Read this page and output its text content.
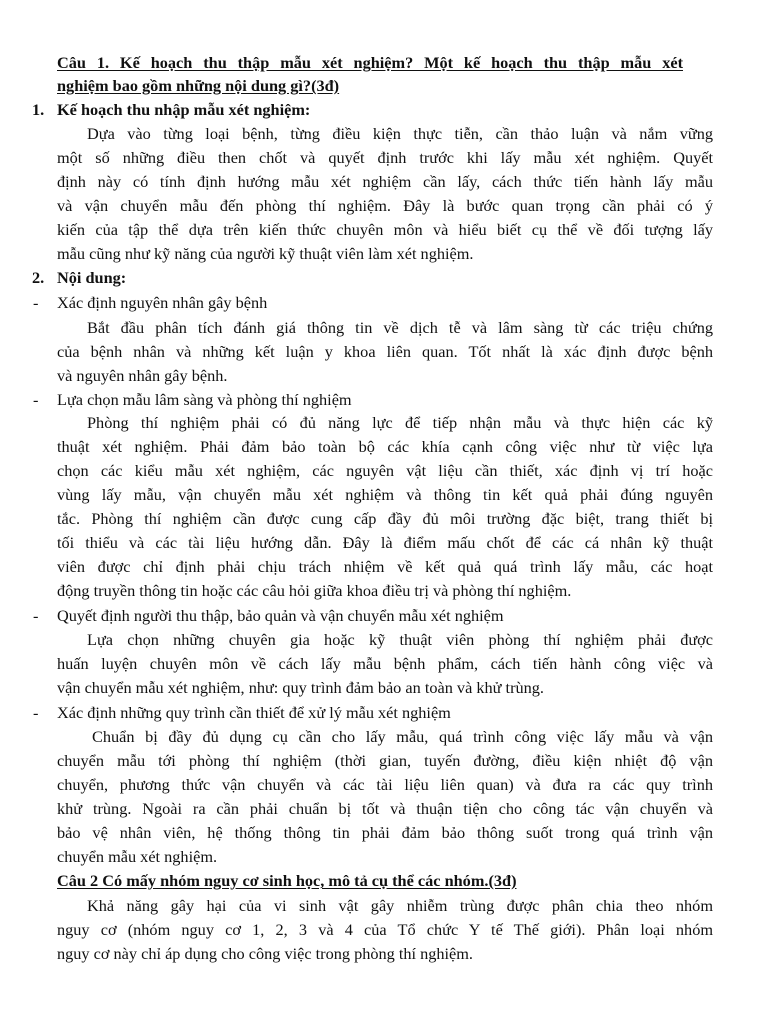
Câu 1. Kế hoạch thu thập mẫu xét nghiệm? Một kế hoạch thu thập mẫu xét
nghiệm bao gồm những nội dung gì?(3đ)
1. Kế hoạch thu nhập mẫu xét nghiệm:
Dựa vào từng loại bệnh, từng điều kiện thực tiễn, cần thảo luận và nắm vững
một số những điều then chốt và quyết định trước khi lấy mẫu xét nghiệm. Quyết
định này có tính định hướng mẫu xét nghiệm cần lấy, cách thức tiến hành lấy mẫu
và vận chuyển mẫu đến phòng thí nghiệm. Đây là bước quan trọng cần phải có ý
kiến của tập thể dựa trên kiến thức chuyên môn và hiểu biết cụ thể về đối tượng lấy
mẫu cũng như kỹ năng của người kỹ thuật viên làm xét nghiệm.
2. Nội dung:
- Xác định nguyên nhân gây bệnh
Bắt đầu phân tích đánh giá thông tin về dịch tễ và lâm sàng từ các triệu chứng
của bệnh nhân và những kết luận y khoa liên quan. Tốt nhất là xác định được bệnh
và nguyên nhân gây bệnh.
- Lựa chọn mẫu lâm sàng và phòng thí nghiệm
Phòng thí nghiệm phải có đủ năng lực để tiếp nhận mẫu và thực hiện các kỹ
thuật xét nghiệm. Phải đảm bảo toàn bộ các khía cạnh công việc như từ việc lựa
chọn các kiểu mẫu xét nghiệm, các nguyên vật liệu cần thiết, xác định vị trí hoặc
vùng lấy mẫu, vận chuyển mẫu xét nghiệm và thông tin kết quả phải đúng nguyên
tắc. Phòng thí nghiệm cần được cung cấp đầy đủ môi trường đặc biệt, trang thiết bị
tối thiểu và các tài liệu hướng dẫn. Đây là điểm mấu chốt để các cá nhân kỹ thuật
viên được chỉ định phải chịu trách nhiệm về kết quả quá trình lấy mẫu, các hoạt
động truyền thông tin hoặc các câu hỏi giữa khoa điều trị và phòng thí nghiệm.
- Quyết định người thu thập, bảo quản và vận chuyển mẫu xét nghiệm
Lựa chọn những chuyên gia hoặc kỹ thuật viên phòng thí nghiệm phải được
huấn luyện chuyên môn về cách lấy mẫu bệnh phẩm, cách tiến hành công việc và
vận chuyển mẫu xét nghiệm, như: quy trình đảm bảo an toàn và khử trùng.
- Xác định những quy trình cần thiết để xử lý mẫu xét nghiệm
Chuẩn bị đầy đủ dụng cụ cần cho lấy mẫu, quá trình công việc lấy mẫu và vận
chuyển mẫu tới phòng thí nghiệm (thời gian, tuyến đường, điều kiện nhiệt độ vận
chuyển, phương thức vận chuyển và các tài liệu liên quan) và đưa ra các quy trình
khử trùng. Ngoài ra cần phải chuẩn bị tốt và thuận tiện cho công tác vận chuyển và
bảo vệ nhân viên, hệ thống thông tin phải đảm bảo thông suốt trong quá trình vận
chuyển mẫu xét nghiệm.
Câu 2 Có mấy nhóm nguy cơ sinh học, mô tả cụ thể các nhóm.(3đ)
Khả năng gây hại của vi sinh vật gây nhiễm trùng được phân chia theo nhóm
nguy cơ (nhóm nguy cơ 1, 2, 3 và 4 của Tổ chức Y tế Thế giới). Phân loại nhóm
nguy cơ này chỉ áp dụng cho công việc trong phòng thí nghiệm.
